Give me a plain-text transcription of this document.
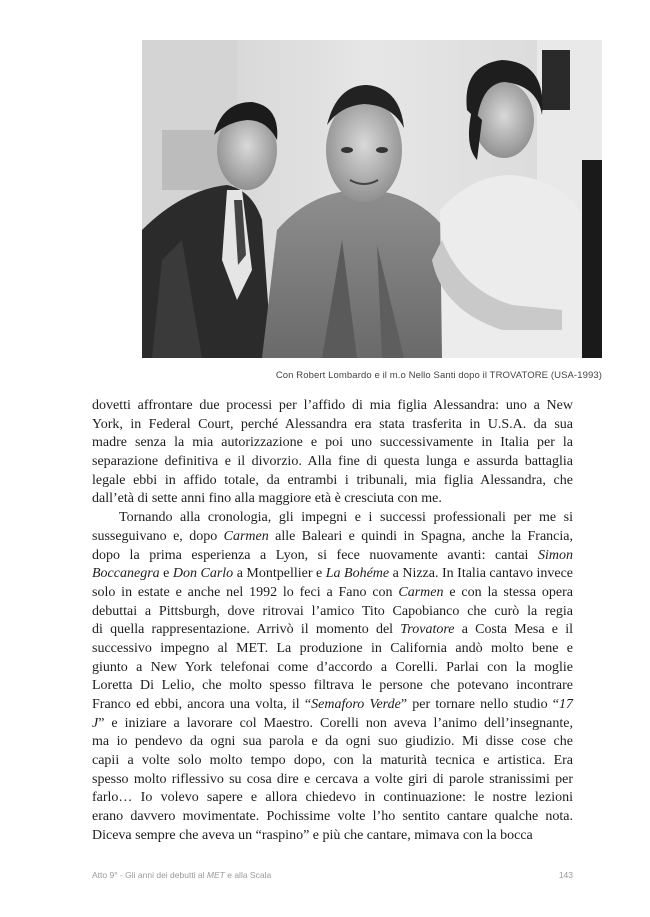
Con Robert Lombardo e il m.o Nello Santi dopo il TROVATORE (USA-1993)
dovetti affrontare due processi per l’affido di mia figlia Alessandra: uno a New
York, in Federal Court, perché Alessandra era stata trasferita in U.S.A. da sua
madre senza la mia autorizzazione e poi uno successivamente in Italia per la
separazione definitiva e il divorzio. Alla fine di questa lunga e assurda battaglia
legale ebbi in affido totale, da entrambi i tribunali, mia figlia Alessandra, che
dall’età di sette anni fino alla maggiore età è cresciuta con me.
Tornando alla cronologia, gli impegni e i successi professionali per me si
susseguivano e, dopo Carmen alle Baleari e quindi in Spagna, anche la Francia,
dopo la prima esperienza a Lyon, si fece nuovamente avanti: cantai Simon
Boccanegra e Don Carlo a Montpellier e La Bohéme a Nizza. In Italia cantavo invece
solo in estate e anche nel 1992 lo feci a Fano con Carmen e con la stessa opera
debuttai a Pittsburgh, dove ritrovai l’amico Tito Capobianco che curò la regia
di quella rappresentazione. Arrivò il momento del Trovatore a Costa Mesa e il
successivo impegno al MET. La produzione in California andò molto bene e
giunto a New York telefonai come d’accordo a Corelli. Parlai con la moglie
Loretta Di Lelio, che molto spesso filtrava le persone che potevano incontrare
Franco ed ebbi, ancora una volta, il “Semaforo Verde” per tornare nello studio “17
J” e iniziare a lavorare col Maestro. Corelli non aveva l’animo dell’insegnante,
ma io pendevo da ogni sua parola e da ogni suo giudizio. Mi disse cose che
capii a volte solo molto tempo dopo, con la maturità tecnica e artistica. Era
spesso molto riflessivo su cosa dire e cercava a volte giri di parole stranissimi per
farlo… Io volevo sapere e allora chiedevo in continuazione: le nostre lezioni
erano davvero movimentate. Pochissime volte l’ho sentito cantare qualche nota.
Diceva sempre che aveva un “raspino” e più che cantare, mimava con la bocca
Atto 9° - Gli anni dei debutti al MET e alla Scala	143
